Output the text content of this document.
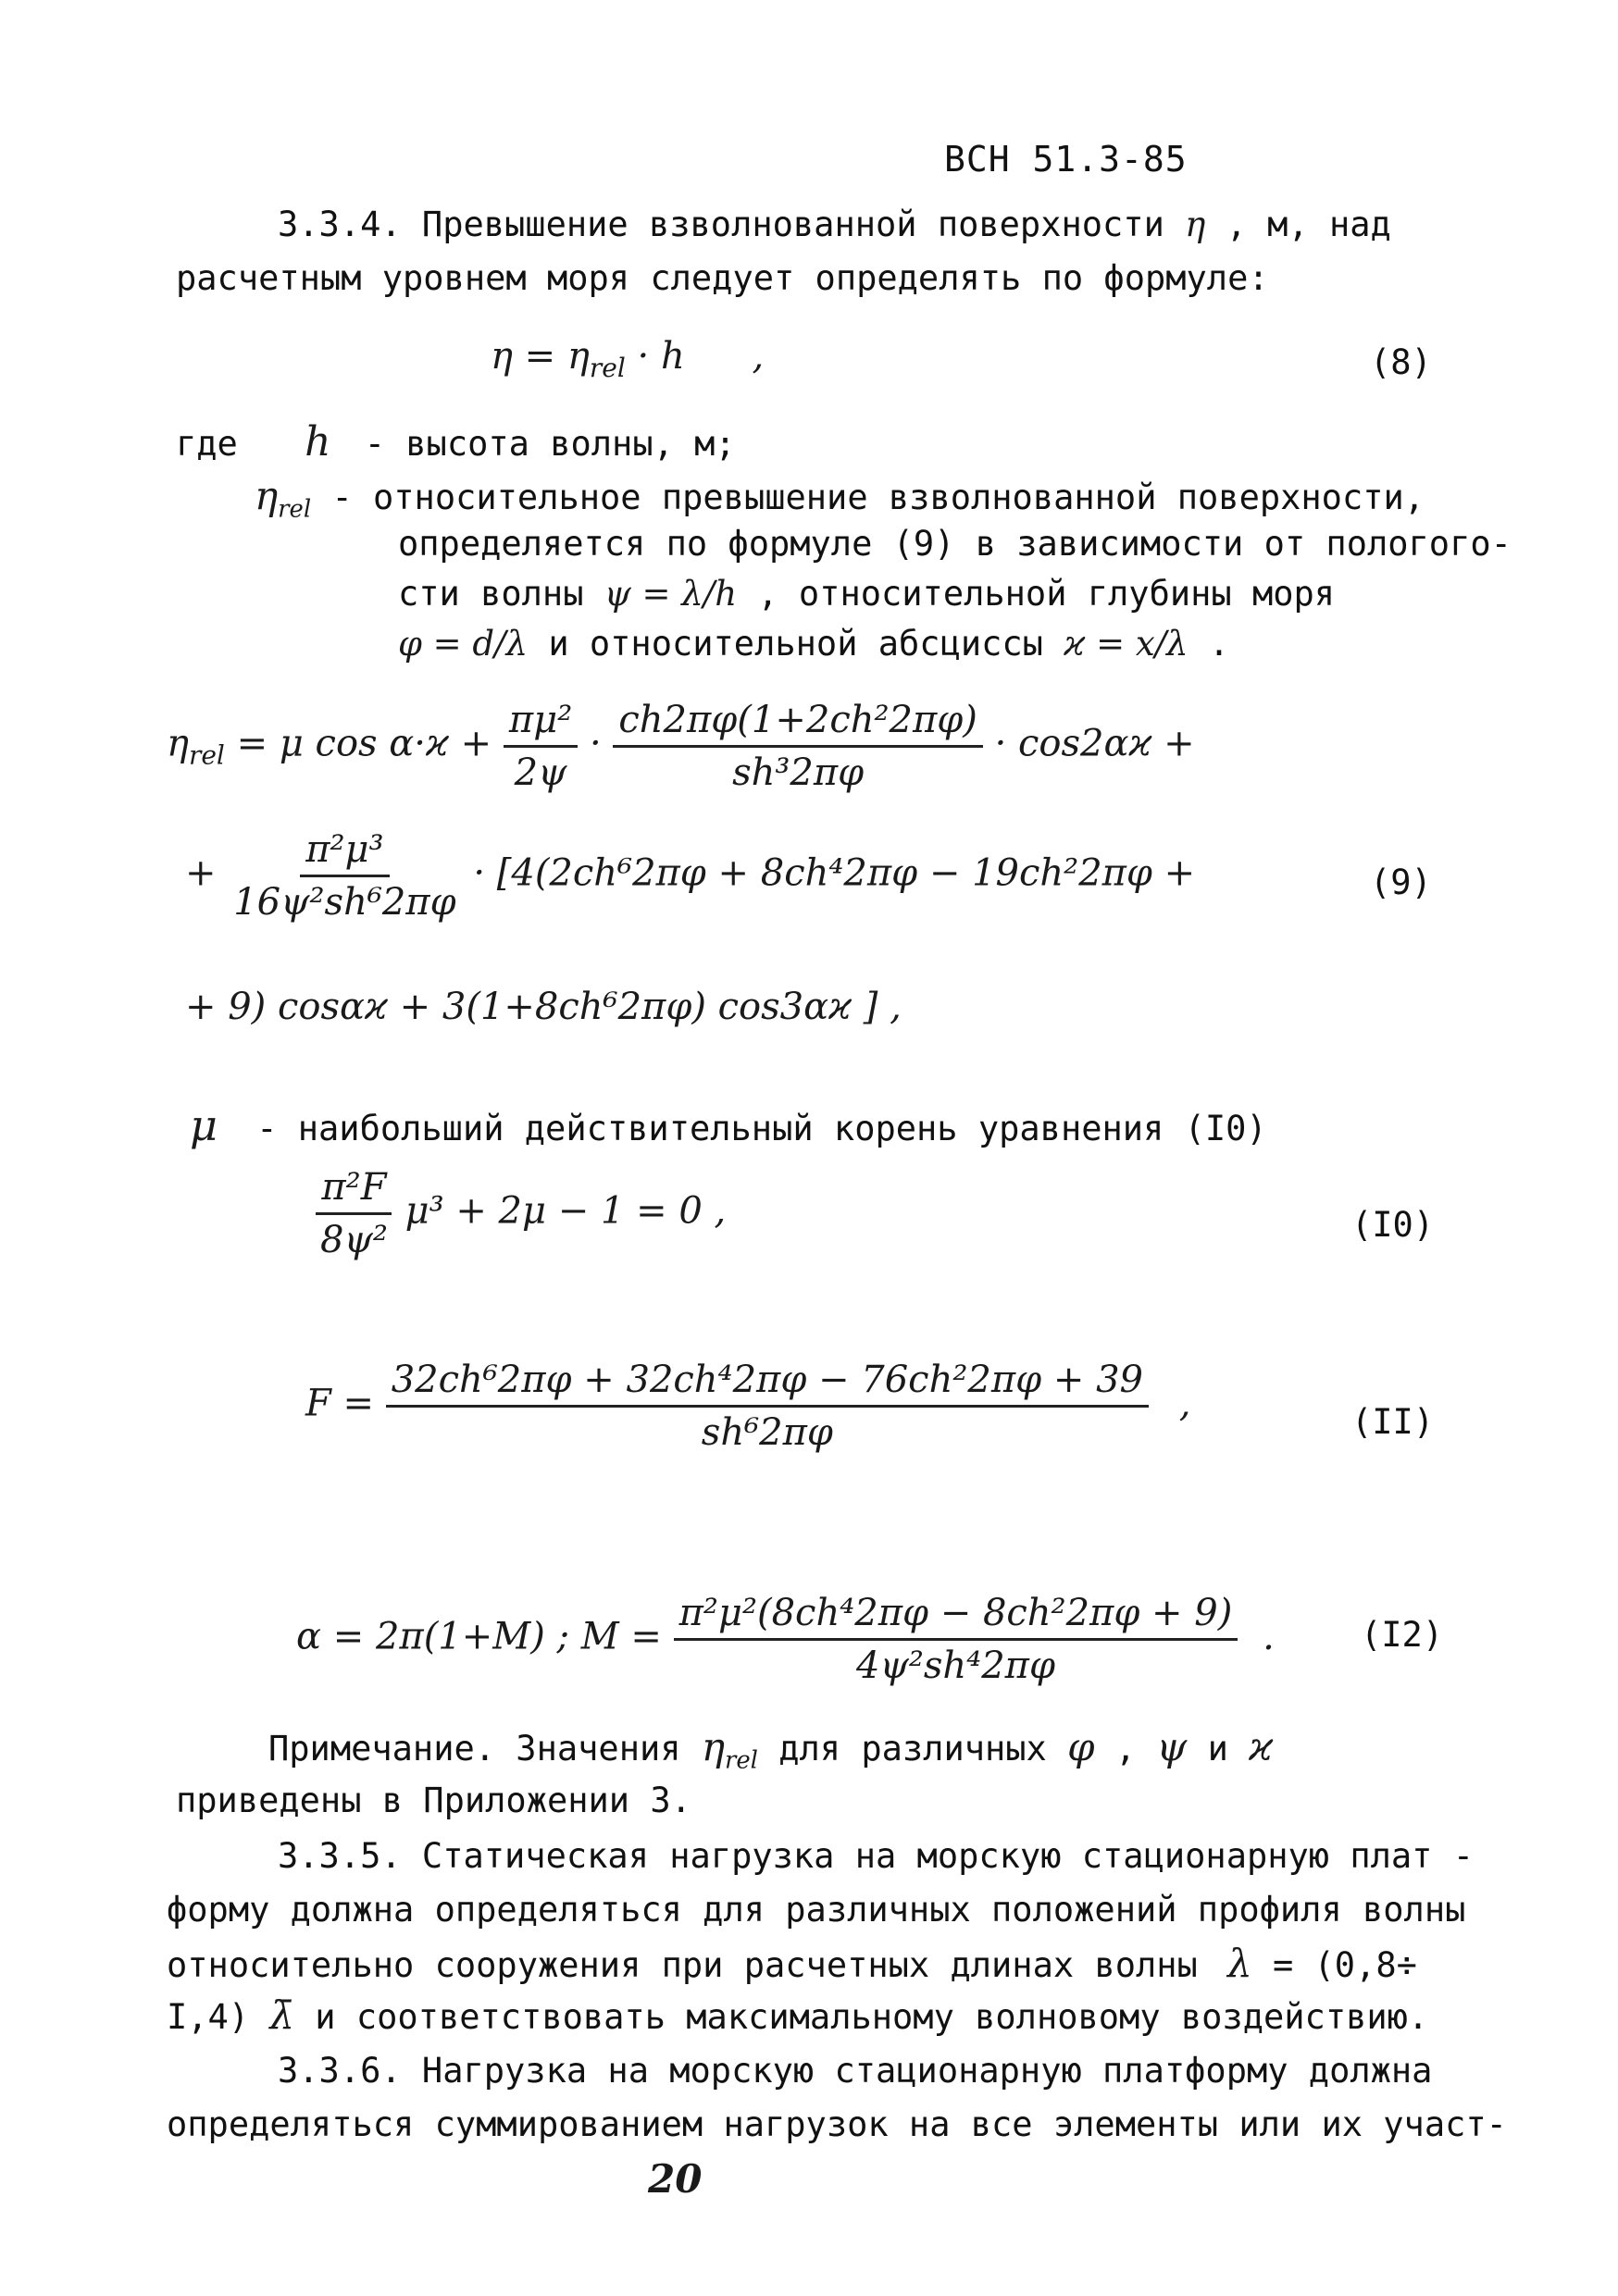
ВСН 51.3-85
3.3.4. Превышение взволнованной поверхности η , м, над
расчетным уровнем моря следует определять по формуле:
$\eta = \eta_{rel} \cdot h$ ,	(8)
где h - высота волны, м;
$\eta_{rel}$ - относительное превышение взволнованной поверхности,
определяется по формуле (9) в зависимости от пологого-
сти волны ψ = λ/h , относительной глубины моря
φ = d/λ и относительной абсциссы ϰ = x/λ .
$\eta_{rel} = \mu$ $\cos \alpha\cdot ϰ + \frac{\text{πμ²}}{2\psi} \cdot \frac{\text{ch2πφ(1+2ch²2πφ)}}{\text{sh³2πφ}} \cdot \cos 2\alpha ϰ$ +
+ $\frac{\text{π²μ³}}{\text{16ψ²sh⁶2πφ}} \cdot [4(2ch^62\pi\varphi + 8ch^42\pi\varphi - 19ch^22\pi\varphi$ +	(9)
+ 9) cosαϰ + 3(1+8ch⁶2πφ) cos3αϰ ] ,
μ - наибольший действительный корень уравнения (I0)
$\frac{\text{π²F}}{\text{8ψ²}} \mu^3 + 2\mu - 1 = 0$ ,	(I0)
$F = \frac{\text{32ch⁶2πφ + 32ch⁴2πφ − 76ch²2πφ + 39}}{\text{sh⁶2πφ}}$ ,	(II)
α = 2π(1+M) ; $M = \frac{\text{π²μ²(8ch⁴2πφ − 8ch²2πφ + 9)}}{\text{4ψ²sh⁴2πφ}}$ .	(I2)
Примечание. Значения $\eta_{rel}$ для различных φ , ψ и ϰ
приведены в Приложении 3.
3.3.5. Статическая нагрузка на морскую стационарную плат -
форму должна определяться для различных положений профиля волны
относительно сооружения при расчетных длинах волны λ = (0,8÷
I,4) λ̄ и соответствовать максимальному волновому воздействию.
3.3.6. Нагрузка на морскую стационарную платформу должна
определяться суммированием нагрузок на все элементы или их участ-
20
